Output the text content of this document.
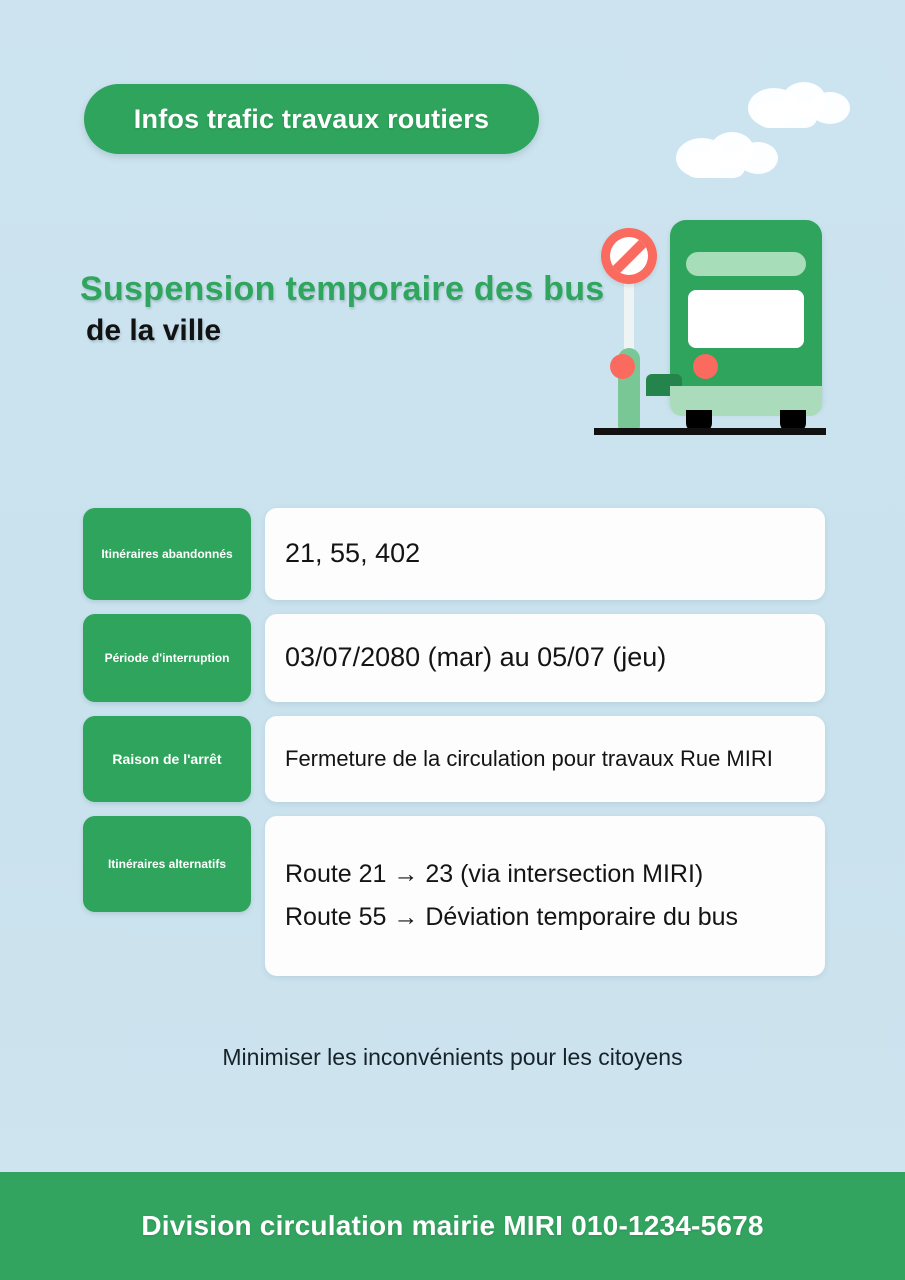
Infos trafic travaux routiers
Suspension temporaire des bus
de la ville
Itinéraires abandonnés	21, 55, 402
Période d'interruption	03/07/2080 (mar) au 05/07 (jeu)
Raison de l'arrêt	Fermeture de la circulation pour travaux Rue MIRI
Itinéraires alternatifs	Route 21 → 23 (via intersection MIRI)
Route 55 → Déviation temporaire du bus
Minimiser les inconvénients pour les citoyens
Division circulation mairie MIRI 010-1234-5678
